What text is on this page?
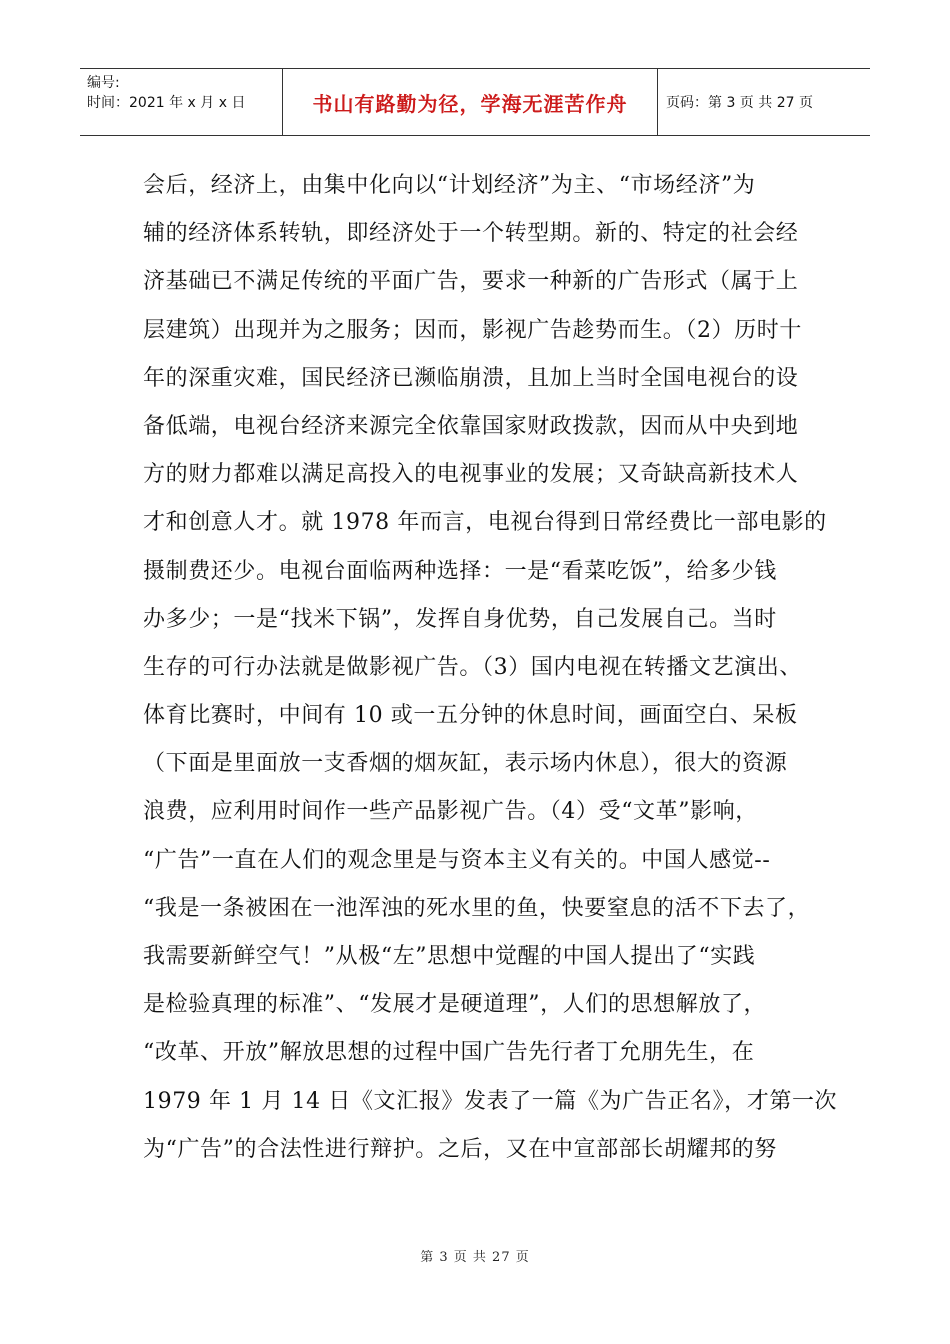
编号:
时间：2021 年 x 月 x 日	书山有路勤为径，学海无涯苦作舟	页码：第 3 页 共 27 页
会后，经济上，由集中化向以“计划经济”为主、“市场经济”为
辅的经济体系转轨，即经济处于一个转型期。新的、特定的社会经
济基础已不满足传统的平面广告，要求一种新的广告形式（属于上
层建筑）出现并为之服务；因而，影视广告趁势而生。（2）历时十
年的深重灾难，国民经济已濒临崩溃，且加上当时全国电视台的设
备低端，电视台经济来源完全依靠国家财政拨款，因而从中央到地
方的财力都难以满足高投入的电视事业的发展；又奇缺高新技术人
才和创意人才。就 1978 年而言，电视台得到日常经费比一部电影的
摄制费还少。电视台面临两种选择：一是“看菜吃饭”，给多少钱
办多少；一是“找米下锅”，发挥自身优势，自己发展自己。当时
生存的可行办法就是做影视广告。（3）国内电视在转播文艺演出、
体育比赛时，中间有 10 或一五分钟的休息时间，画面空白、呆板
（下面是里面放一支香烟的烟灰缸，表示场内休息），很大的资源
浪费，应利用时间作一些产品影视广告。（4）受“文革”影响，
“广告”一直在人们的观念里是与资本主义有关的。中国人感觉--
“我是一条被困在一池浑浊的死水里的鱼，快要窒息的活不下去了，
我需要新鲜空气！”从极“左”思想中觉醒的中国人提出了“实践
是检验真理的标准”、“发展才是硬道理”，人们的思想解放了，
“改革、开放”解放思想的过程中国广告先行者丁允朋先生，在
1979 年 1 月 14 日《文汇报》发表了一篇《为广告正名》，才第一次
为“广告”的合法性进行辩护。之后，又在中宣部部长胡耀邦的努
第 3 页 共 27 页
